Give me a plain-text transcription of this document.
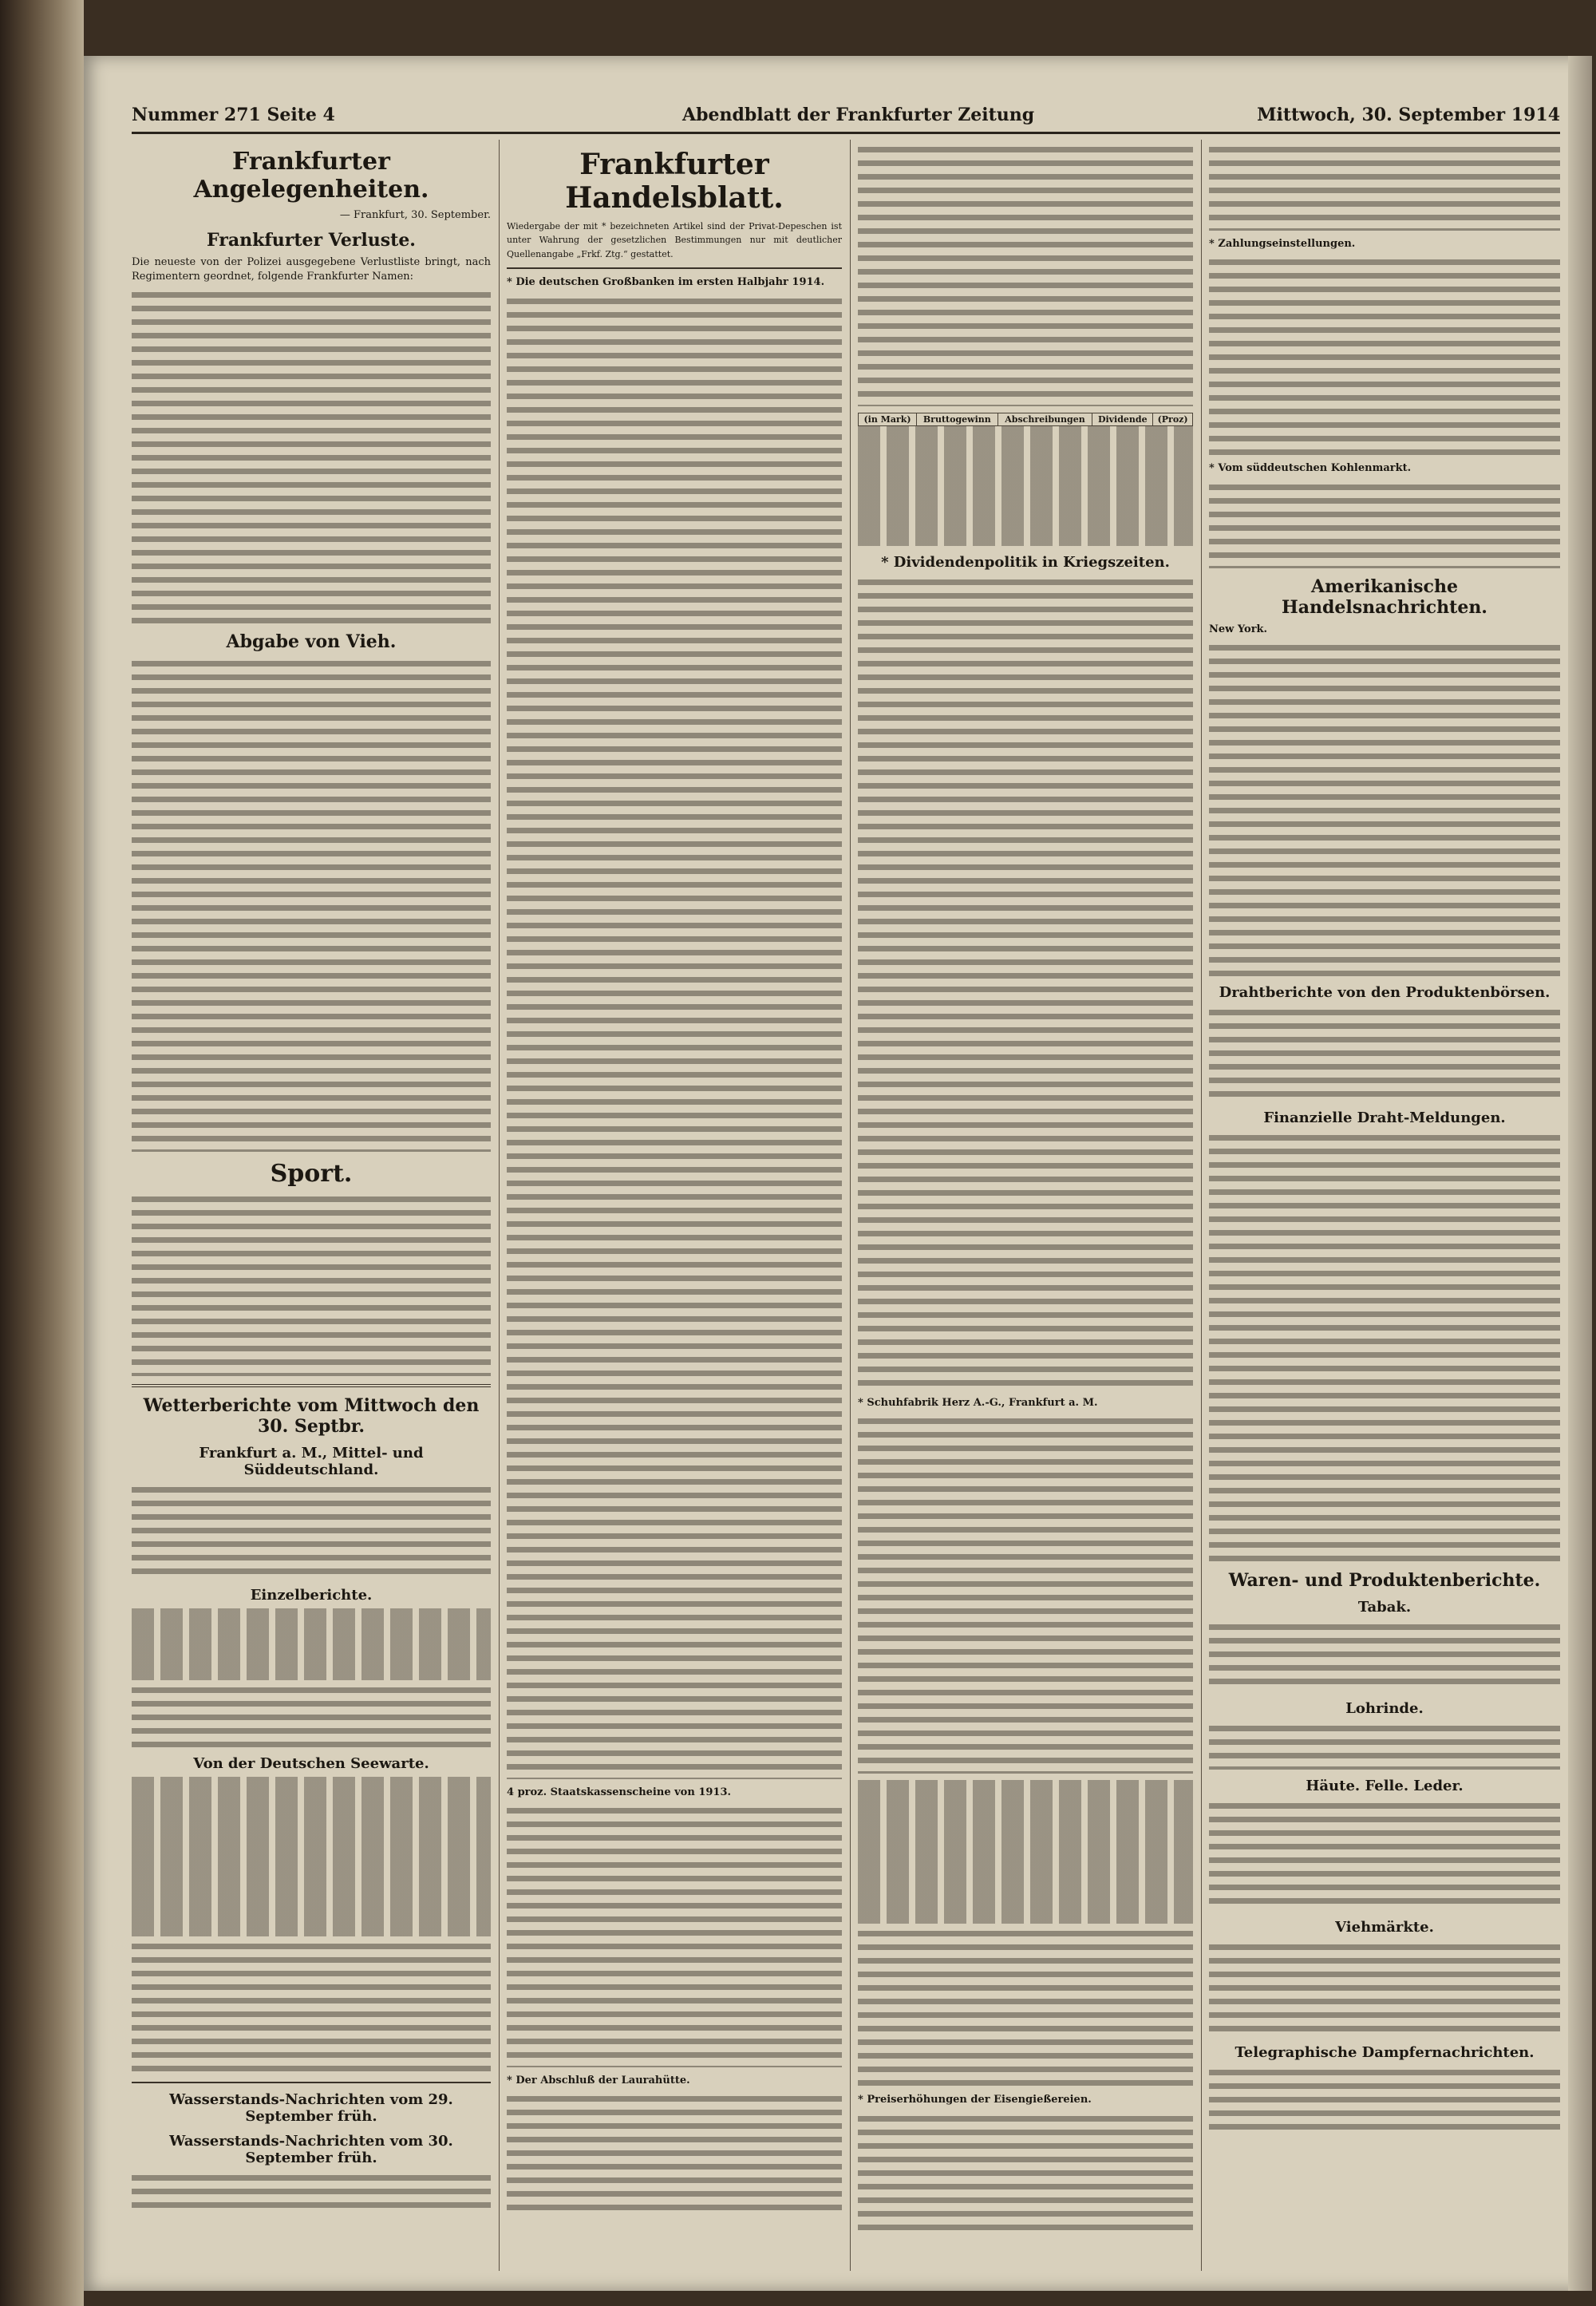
Nummer 271 Seite 4	Abendblatt der Frankfurter Zeitung	Mittwoch, 30. September 1914
Frankfurter Angelegenheiten.
— Frankfurt, 30. September.
Frankfurter Verluste.
Die neueste von der Polizei ausgegebene Verlustliste bringt, nach Regimentern geordnet, folgende Frankfurter Namen:
Abgabe von Vieh.
Sport.
Wetterberichte vom Mittwoch den 30. Septbr.
Frankfurt a. M., Mittel- und Süddeutschland.
Einzelberichte.
Von der Deutschen Seewarte.
Wasserstands-Nachrichten vom 29. September früh.
Wasserstands-Nachrichten vom 30. September früh.
Frankfurter Handelsblatt.
Wiedergabe der mit * bezeichneten Artikel sind der Privat-Depeschen ist unter Wahrung der gesetzlichen Bestimmungen nur mit deutlicher Quellenangabe „Frkf. Ztg.“ gestattet.
* Die deutschen Großbanken im ersten Halbjahr 1914.
4 proz. Staatskassenscheine von 1913.
* Der Abschluß der Laurahütte.
(in Mark)	Bruttogewinn	Abschreibungen	Dividende	(Proz)
* Dividendenpolitik in Kriegszeiten.
* Schuhfabrik Herz A.-G., Frankfurt a. M.
* Preiserhöhungen der Eisengießereien.
* Zahlungseinstellungen.
* Vom süddeutschen Kohlenmarkt.
Amerikanische Handelsnachrichten.
New York.
Drahtberichte von den Produktenbörsen.
Finanzielle Draht-Meldungen.
Waren- und Produktenberichte.
Tabak.
Lohrinde.
Häute. Felle. Leder.
Viehmärkte.
Telegraphische Dampfernachrichten.
